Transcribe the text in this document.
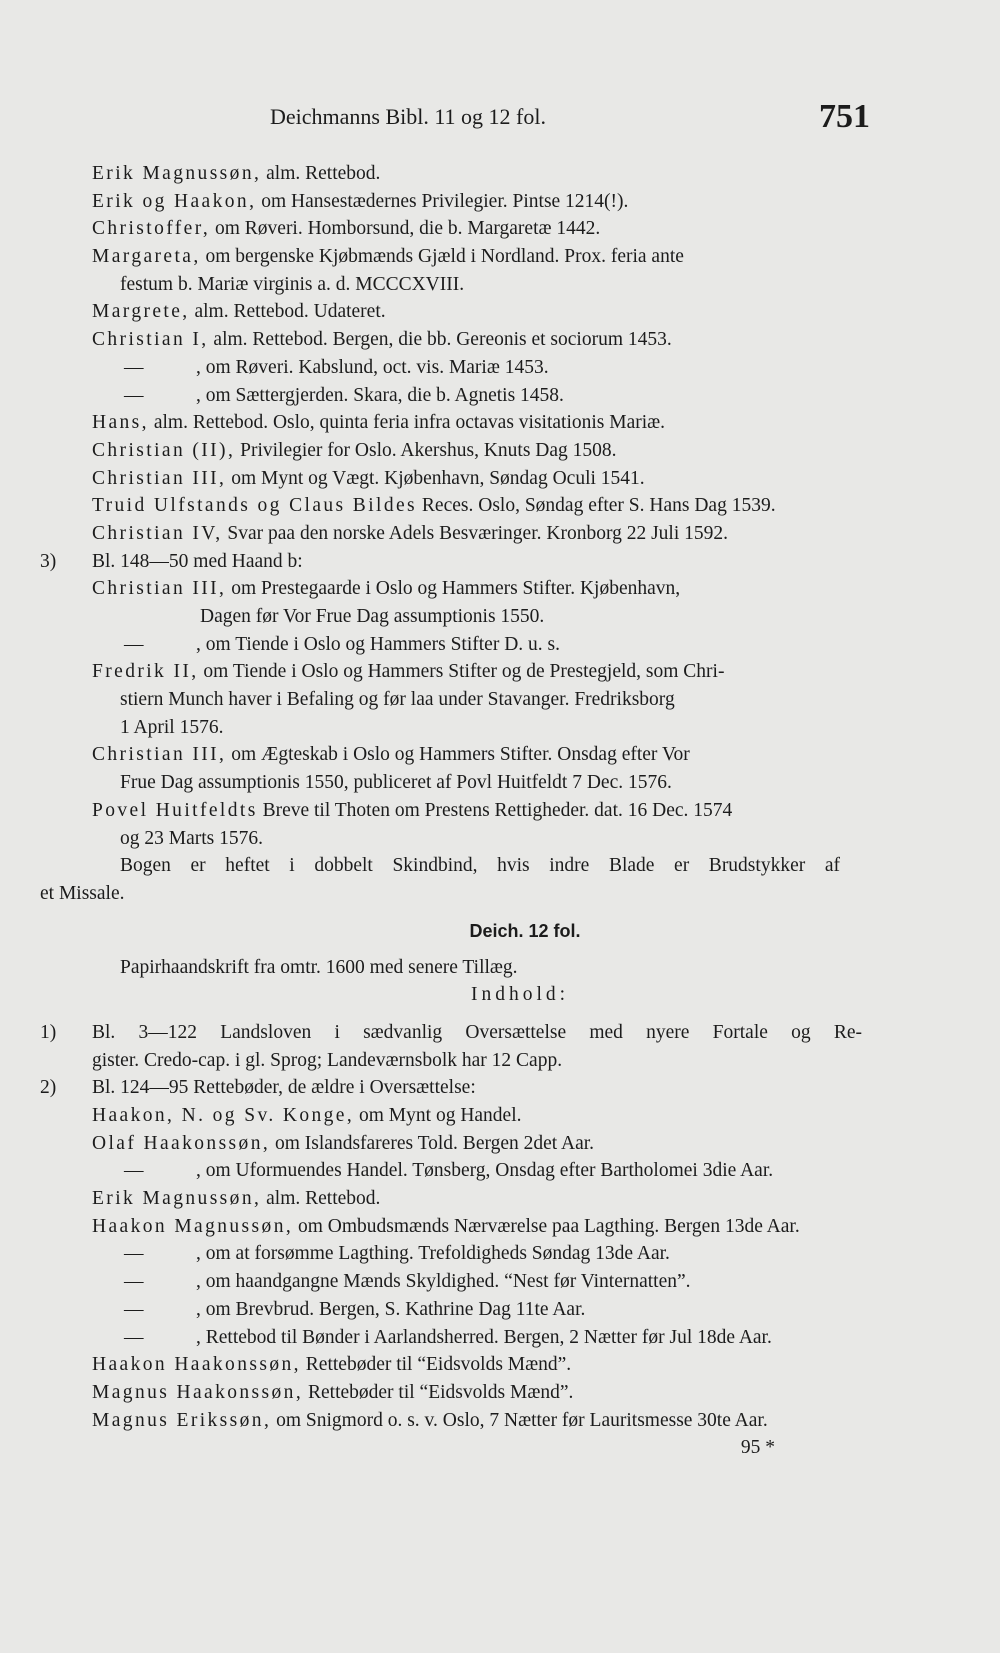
Deichmanns Bibl. 11 og 12 fol.	751
Erik Magnussøn, alm. Rettebod.
Erik og Haakon, om Hansestædernes Privilegier. Pintse 1214(!).
Christoffer, om Røveri. Homborsund, die b. Margaretæ 1442.
Margareta, om bergenske Kjøbmænds Gjæld i Nordland. Prox. feria ante
festum b. Mariæ virginis a. d. MCCCXVIII.
Margrete, alm. Rettebod. Udateret.
Christian I, alm. Rettebod. Bergen, die bb. Gereonis et sociorum 1453.
—	, om Røveri. Kabslund, oct. vis. Mariæ 1453.
—	, om Sættergjerden. Skara, die b. Agnetis 1458.
Hans, alm. Rettebod. Oslo, quinta feria infra octavas visitationis Mariæ.
Christian (II), Privilegier for Oslo. Akershus, Knuts Dag 1508.
Christian III, om Mynt og Vægt. Kjøbenhavn, Søndag Oculi 1541.
Truid Ulfstands og Claus Bildes Reces. Oslo, Søndag efter S. Hans Dag 1539.
Christian IV, Svar paa den norske Adels Besværinger. Kronborg 22 Juli 1592.
3) Bl. 148—50 med Haand b:
Christian III, om Prestegaarde i Oslo og Hammers Stifter. Kjøbenhavn,
Dagen før Vor Frue Dag assumptionis 1550.
—	, om Tiende i Oslo og Hammers Stifter D. u. s.
Fredrik II, om Tiende i Oslo og Hammers Stifter og de Prestegjeld, som Chri-
stiern Munch haver i Befaling og før laa under Stavanger. Fredriksborg
1 April 1576.
Christian III, om Ægteskab i Oslo og Hammers Stifter. Onsdag efter Vor
Frue Dag assumptionis 1550, publiceret af Povl Huitfeldt 7 Dec. 1576.
Povel Huitfeldts Breve til Thoten om Prestens Rettigheder. dat. 16 Dec. 1574
og 23 Marts 1576.
Bogen er heftet i dobbelt Skindbind, hvis indre Blade er Brudstykker af
et Missale.
Deich. 12 fol.
Papirhaandskrift fra omtr. 1600 med senere Tillæg.
Indhold:
1) Bl. 3—122 Landsloven i sædvanlig Oversættelse med nyere Fortale og Re-
gister. Credo-cap. i gl. Sprog; Landeværnsbolk har 12 Capp.
2) Bl. 124—95 Rettebøder, de ældre i Oversættelse:
Haakon, N. og Sv. Konge, om Mynt og Handel.
Olaf Haakonssøn, om Islandsfareres Told. Bergen 2det Aar.
—	, om Uformuendes Handel. Tønsberg, Onsdag efter Bartholomei 3die Aar.
Erik Magnussøn, alm. Rettebod.
Haakon Magnussøn, om Ombudsmænds Nærværelse paa Lagthing. Bergen 13de Aar.
—	, om at forsømme Lagthing. Trefoldigheds Søndag 13de Aar.
—	, om haandgangne Mænds Skyldighed. “Nest før Vinternatten”.
—	, om Brevbrud. Bergen, S. Kathrine Dag 11te Aar.
—	, Rettebod til Bønder i Aarlandsherred. Bergen, 2 Nætter før Jul 18de Aar.
Haakon Haakonssøn, Rettebøder til “Eidsvolds Mænd”.
Magnus Haakonssøn, Rettebøder til “Eidsvolds Mænd”.
Magnus Erikssøn, om Snigmord o. s. v. Oslo, 7 Nætter før Lauritsmesse 30te Aar.
95 *
